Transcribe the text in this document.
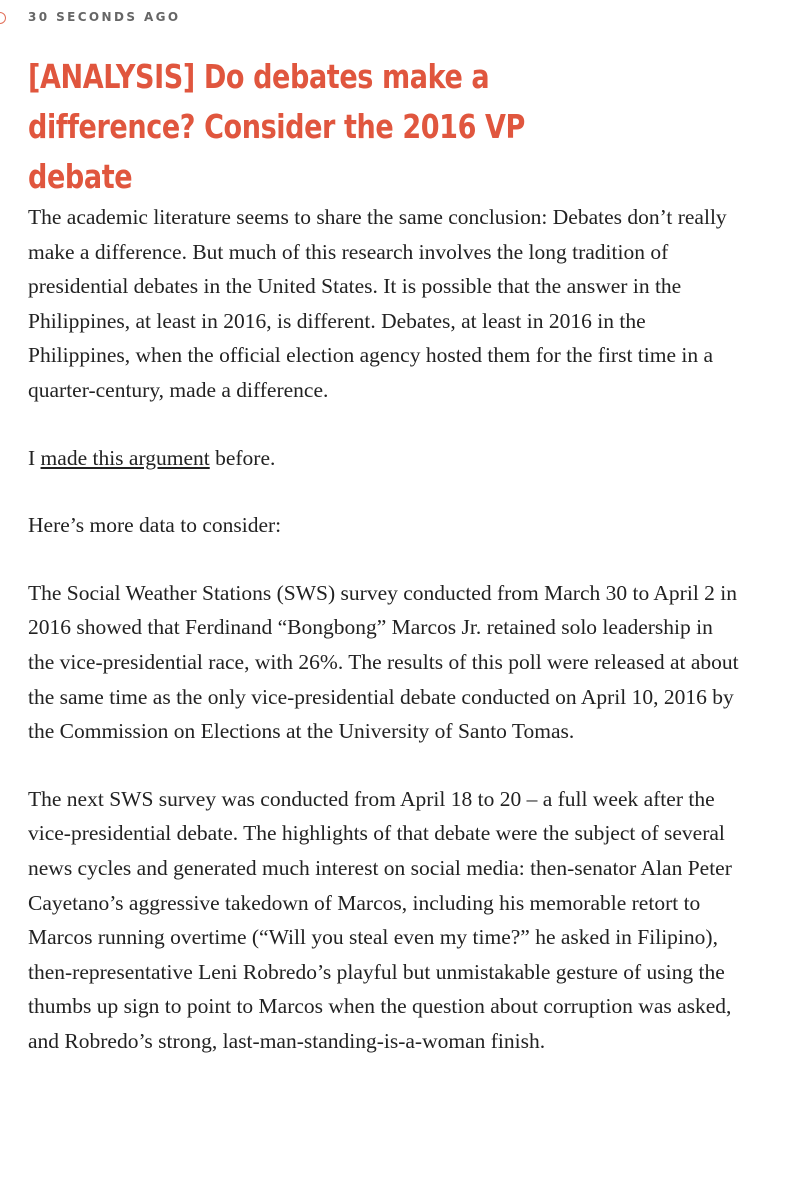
30 SECONDS AGO
[ANALYSIS] Do debates make a difference? Consider the 2016 VP debate

The academic literature seems to share the same conclusion: Debates don’t really make a difference. But much of this research involves the long tradition of presidential debates in the United States. It is possible that the answer in the Philippines, at least in 2016, is different. Debates, at least in 2016 in the Philippines, when the official election agency hosted them for the first time in a quarter-century, made a difference.

I made this argument before.

Here’s more data to consider:

The Social Weather Stations (SWS) survey conducted from March 30 to April 2 in 2016 showed that Ferdinand “Bongbong” Marcos Jr. retained solo leadership in the vice-presidential race, with 26%. The results of this poll were released at about the same time as the only vice-presidential debate conducted on April 10, 2016 by the Commission on Elections at the University of Santo Tomas.

The next SWS survey was conducted from April 18 to 20 – a full week after the vice-presidential debate. The highlights of that debate were the subject of several news cycles and generated much interest on social media: then-senator Alan Peter Cayetano’s aggressive takedown of Marcos, including his memorable retort to Marcos running overtime (“Will you steal even my time?” he asked in Filipino), then-representative Leni Robredo’s playful but unmistakable gesture of using the thumbs up sign to point to Marcos when the question about corruption was asked, and Robredo’s strong, last-man-standing-is-a-woman finish.
